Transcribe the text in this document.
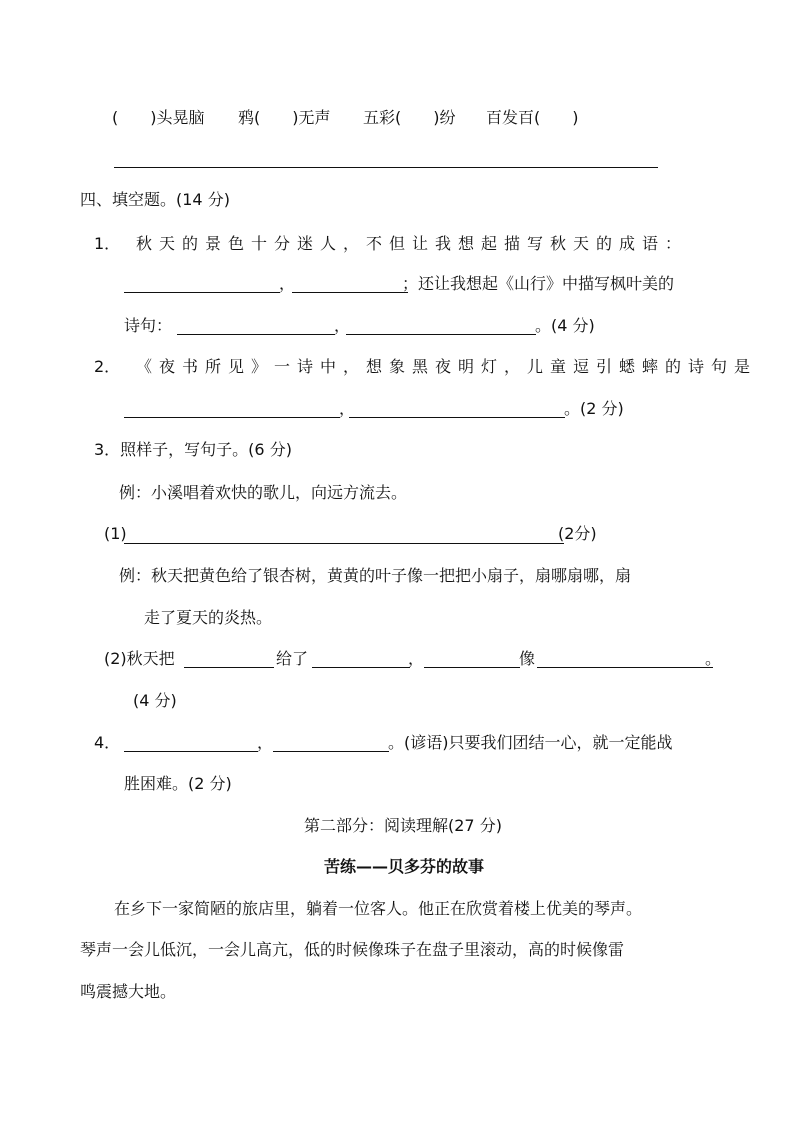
(　　)头晃脑 鸦(　　)无声 五彩(　　)纷 百发百(　　)
四、填空题。(14 分)
1． 秋天的景色十分迷人，不但让我想起描写秋天的成语：
，	；还让我想起《山行》中描写枫叶美的
诗句：	，	。(4 分)
2． 《夜书所见》一诗中，想象黑夜明灯，儿童逗引蟋蟀的诗句是
，	。(2 分)
3．照样子，写句子。(6 分)
例：小溪唱着欢快的歌儿，向远方流去。
(1)	(2分)
例：秋天把黄色给了银杏树，黄黄的叶子像一把把小扇子，扇哪扇哪，扇
走了夏天的炎热。
(2)秋天把	给了	，	像	。
(4 分)
4．	，	。(谚语)只要我们团结一心，就一定能战
胜困难。(2 分)
第二部分：阅读理解(27 分)
苦练——贝多芬的故事
在乡下一家简陋的旅店里，躺着一位客人。他正在欣赏着楼上优美的琴声。
琴声一会儿低沉，一会儿高亢，低的时候像珠子在盘子里滚动，高的时候像雷
鸣震撼大地。
